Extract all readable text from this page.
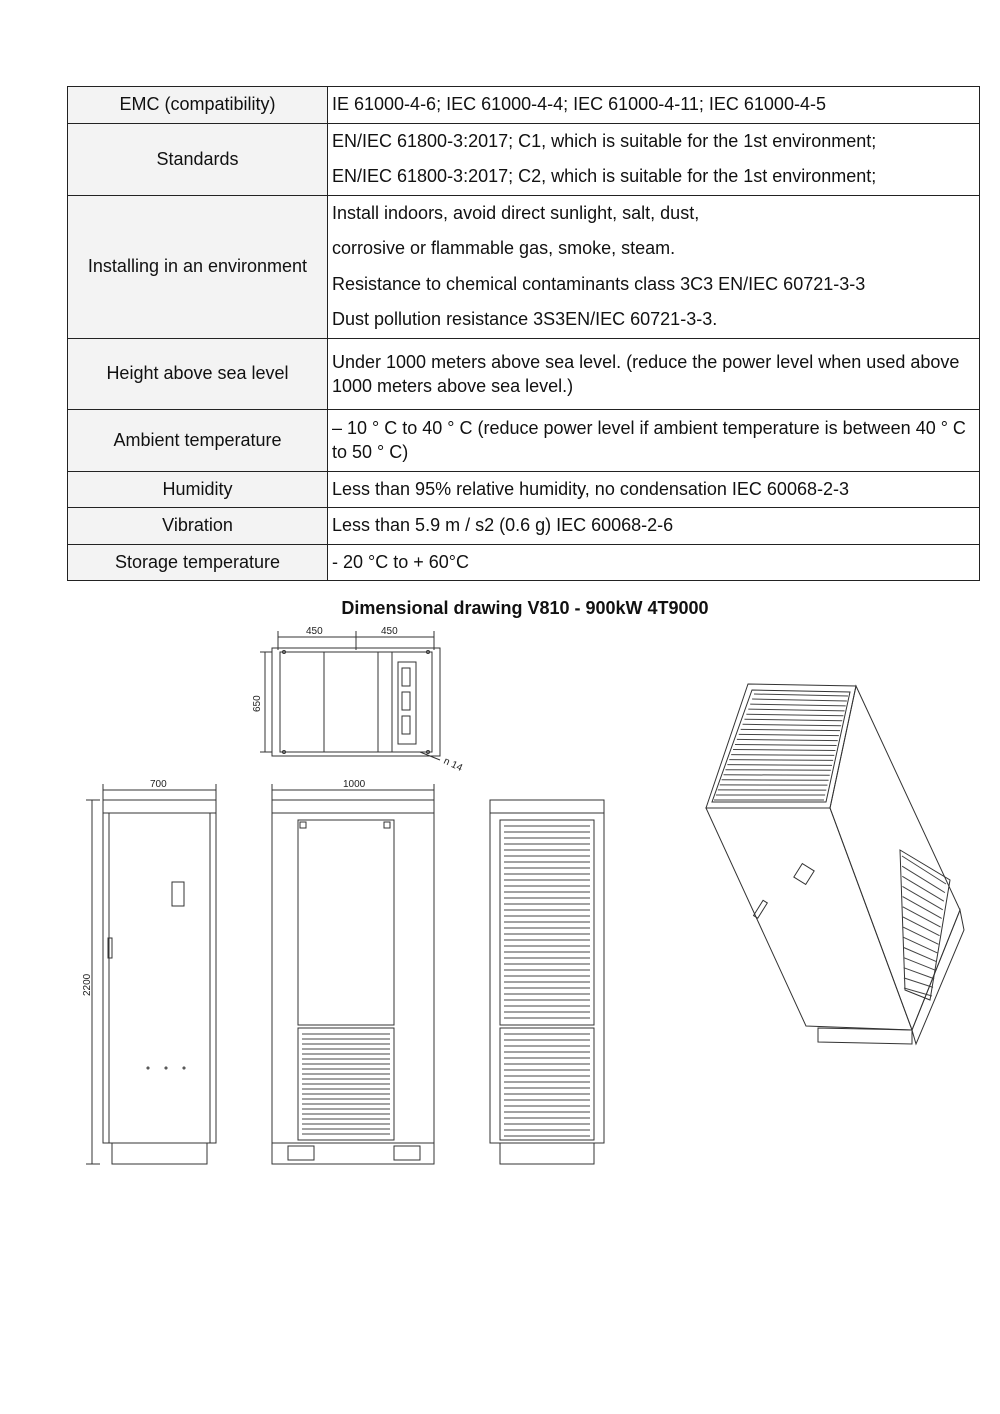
EMC (compatibility)	IE 61000-4-6; IEC 61000-4-4; IEC 61000-4-11; IEC 61000-4-5

Standards	EN/IEC 61800-3:2017; C1, which is suitable for the 1st environment;
EN/IEC 61800-3:2017; C2, which is suitable for the 1st environment;

Installing in an environment	Install indoors, avoid direct sunlight, salt, dust,
corrosive or flammable gas, smoke, steam.
Resistance to chemical contaminants class 3C3 EN/IEC 60721-3-3
Dust pollution resistance 3S3EN/IEC 60721-3-3.

Height above sea level	Under 1000 meters above sea level. (reduce the power level when used above 1000 meters above sea level.)

Ambient temperature	– 10 ° C to 40 ° C (reduce power level if ambient temperature is between 40 ° C to 50 ° C)

Humidity	Less than 95% relative humidity, no condensation IEC 60068-2-3

Vibration	Less than 5.9 m / s2 (0.6 g) IEC 60068-2-6

Storage temperature	- 20 °C to + 60°C
Dimensional drawing V810 - 900kW 4T9000
450	450
650
n 14
700
2200
1000
